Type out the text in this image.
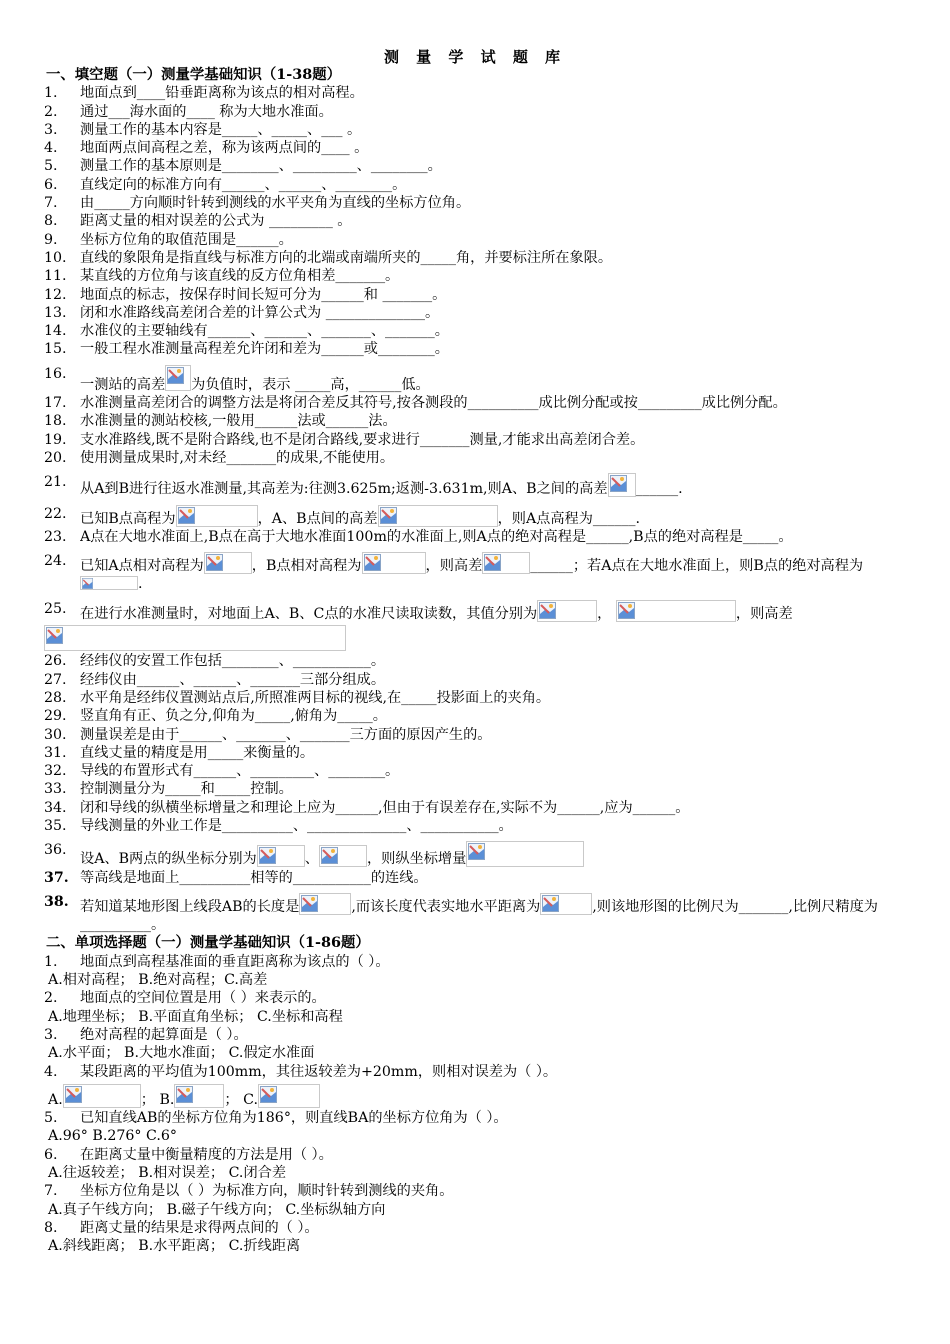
测 量 学 试 题 库
一、填空题（一）测量学基础知识（1-38题）
1.	地面点到____铅垂距离称为该点的相对高程。
2.	通过___海水面的____ 称为大地水准面。
3.	测量工作的基本内容是_____、_____、___ 。
4.	地面两点间高程之差，称为该两点间的____ 。
5.	测量工作的基本原则是________、_________、________。
6.	直线定向的标准方向有______、______、________。
7.	由_____方向顺时针转到测线的水平夹角为直线的坐标方位角。
8.	距离丈量的相对误差的公式为 _________ 。
9.	坐标方位角的取值范围是______。
10. 直线的象限角是指直线与标准方向的北端或南端所夹的_____角，并要标注所在象限。
11. 某直线的方位角与该直线的反方位角相差_______。
12. 地面点的标志，按保存时间长短可分为______和 _______。
13. 闭和水准路线高差闭合差的计算公式为 ______________。
14. 水准仪的主要轴线有______、______、_______、_______。
15. 一般工程水准测量高程差允许闭和差为______或________。
16.
一测站的高差 为负值时，表示 _____高，______低。
17. 水准测量高差闭合的调整方法是将闭合差反其符号,按各测段的__________成比例分配或按_________成比例分配。
18. 水准测量的测站校核,一般用______法或______法。
19. 支水准路线,既不是附合路线,也不是闭合路线,要求进行_______测量,才能求出高差闭合差。
20. 使用测量成果时,对未经_______的成果,不能使用。
21. 从A到B进行往返水准测量,其高差为:往测3.625m;返测-3.631m,则A、B之间的高差 ______.
22. 已知B点高程为	，A、B点间的高差	，则A点高程为______.
23. A点在大地水准面上,B点在高于大地水准面100m的水准面上,则A点的绝对高程是______,B点的绝对高程是_____。
24. 已知A点相对高程为	，B点相对高程为	，则高差	______；若A点在大地水准面上，则B点的绝对高程为
.
25. 在进行水准测量时，对地面上A、B、C点的水准尺读取读数，其值分别为	，	，则高差
26. 经纬仪的安置工作包括________、___________。
27. 经纬仪由______、______、_______三部分组成。
28. 水平角是经纬仪置测站点后,所照准两目标的视线,在_____投影面上的夹角。
29. 竖直角有正、负之分,仰角为_____,俯角为_____。
30. 测量误差是由于______、_______、_______三方面的原因产生的。
31. 直线丈量的精度是用_____来衡量的。
32. 导线的布置形式有______、_________、________。
33. 控制测量分为_____和_____控制。
34. 闭和导线的纵横坐标增量之和理论上应为______,但由于有误差存在,实际不为______,应为______。
35. 导线测量的外业工作是__________、______________、___________。
36.
设A、B两点的纵坐标分别为	、	，则纵坐标增量
37. 等高线是地面上__________相等的___________的连线。
38. 若知道某地形图上线段AB的长度是	,而该长度代表实地水平距离为	,则该地形图的比例尺为_______,比例尺精度为__________。
二、单项选择题（一）测量学基础知识（1-86题）
1.	地面点到高程基准面的垂直距离称为该点的（ ）。
A.相对高程； B.绝对高程；C.高差
2.	地面点的空间位置是用（ ）来表示的。
A.地理坐标； B.平面直角坐标； C.坐标和高程
3.	绝对高程的起算面是（ ）。
A.水平面； B.大地水准面； C.假定水准面
4.	某段距离的平均值为100mm，其往返较差为+20mm，则相对误差为（ ）。
A.	； B.	； C.
5.	已知直线AB的坐标方位角为186°，则直线BA的坐标方位角为（ ）。
A.96° B.276° C.6°
6.	在距离丈量中衡量精度的方法是用（ ）。
A.往返较差； B.相对误差； C.闭合差
7.	坐标方位角是以（ ）为标准方向，顺时针转到测线的夹角。
A.真子午线方向； B.磁子午线方向； C.坐标纵轴方向
8.	距离丈量的结果是求得两点间的（ ）。
A.斜线距离； B.水平距离； C.折线距离
